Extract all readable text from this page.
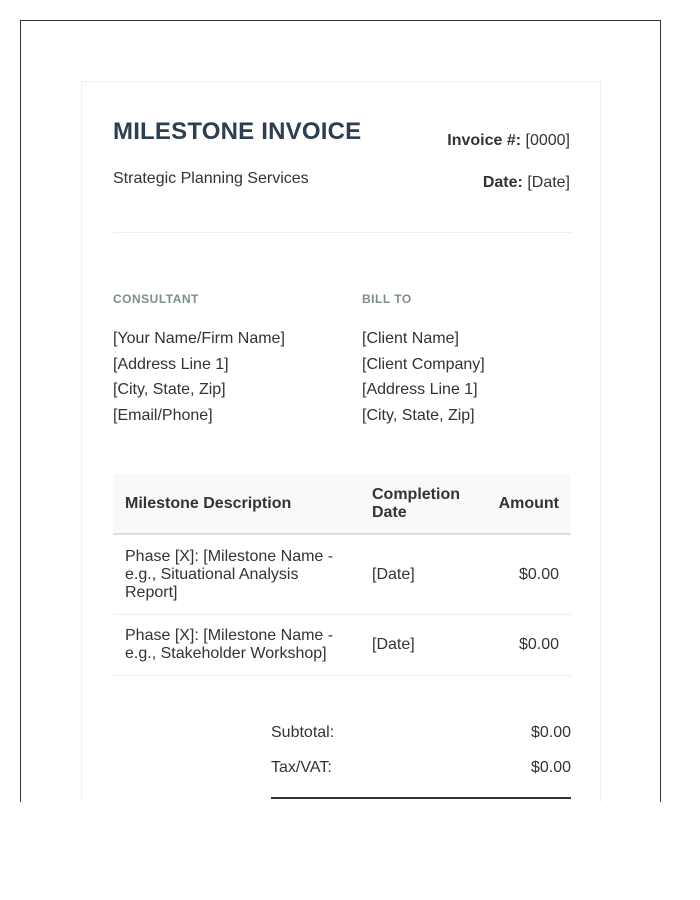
MILESTONE INVOICE
Strategic Planning Services
Invoice #: [0000]
Date: [Date]
CONSULTANT
[Your Name/Firm Name]
[Address Line 1]
[City, State, Zip]
[Email/Phone]
BILL TO
[Client Name]
[Client Company]
[Address Line 1]
[City, State, Zip]
Milestone Description	Completion Date	Amount
Phase [X]: [Milestone Name - e.g., Situational Analysis Report]	[Date]	$0.00
Phase [X]: [Milestone Name - e.g., Stakeholder Workshop]	[Date]	$0.00
Subtotal:	$0.00
Tax/VAT:	$0.00
